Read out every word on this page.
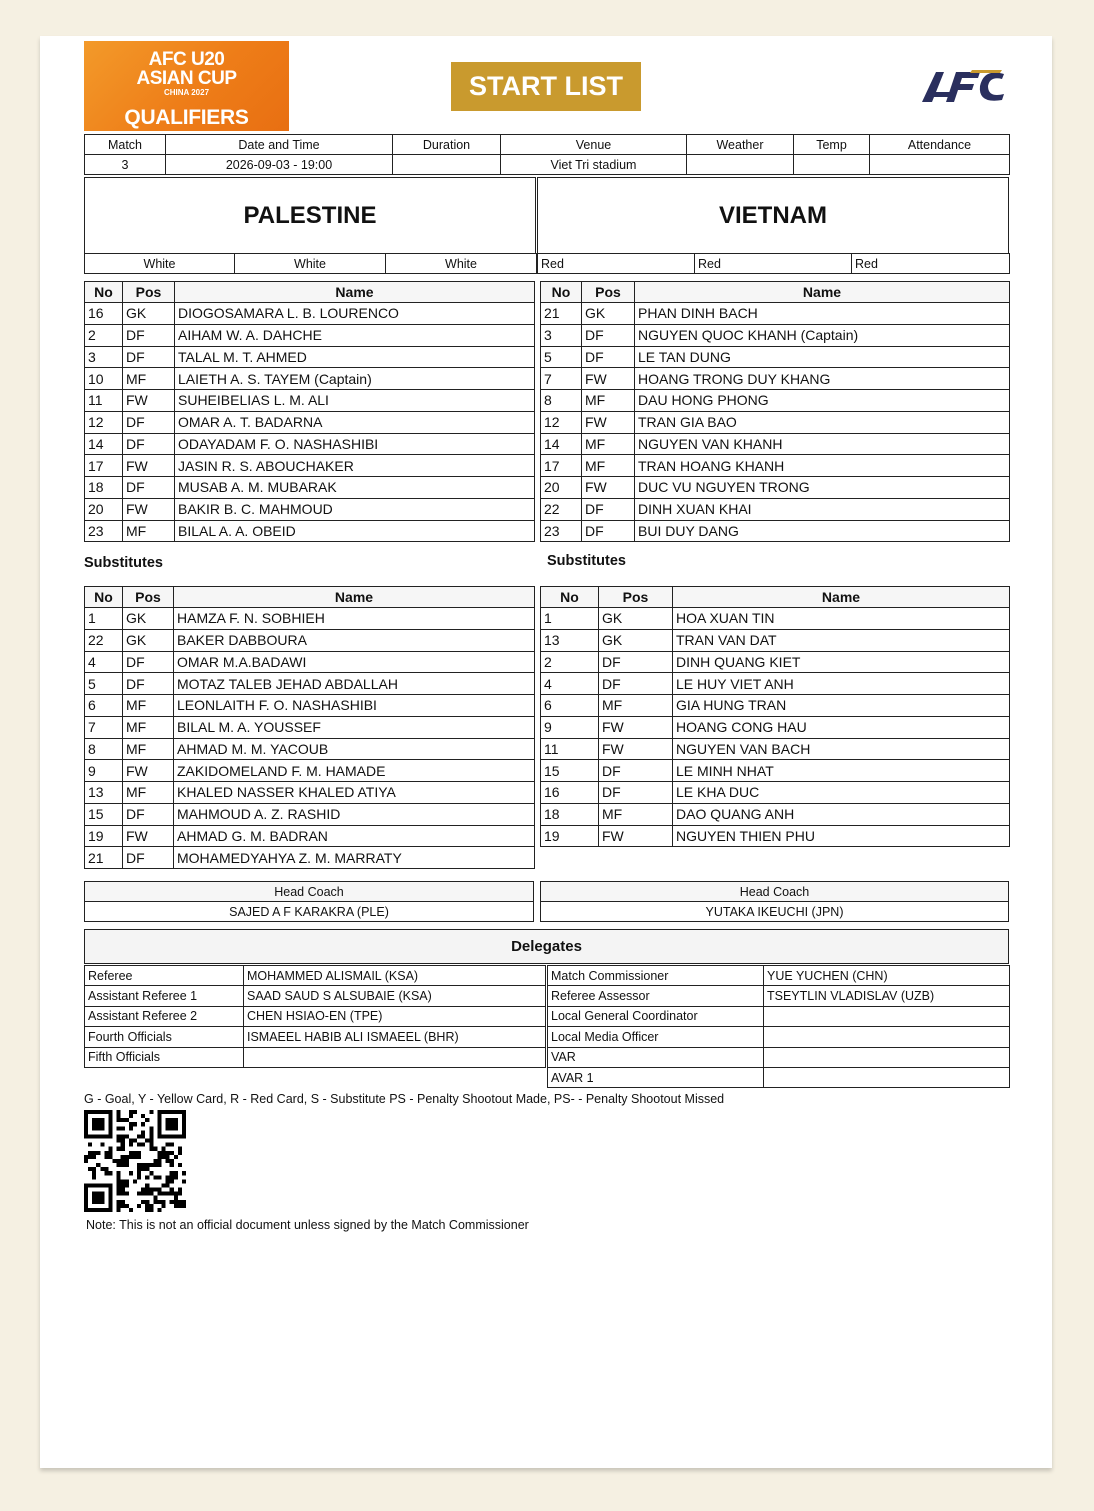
AFC U20
ASIAN CUP
CHINA 2027
QUALIFIERS
START LIST
Match	Date and Time	Duration	Venue	Weather	Temp	Attendance
3	2026-09-03 - 19:00		Viet Tri stadium			
PALESTINE	VIETNAM
White	White	White	Red	Red	Red
No	Pos	Name
16	GK	DIOGOSAMARA L. B. LOURENCO
2	DF	AIHAM W. A. DAHCHE
3	DF	TALAL M. T. AHMED
10	MF	LAIETH A. S. TAYEM (Captain)
11	FW	SUHEIBELIAS L. M. ALI
12	DF	OMAR A. T. BADARNA
14	DF	ODAYADAM F. O. NASHASHIBI
17	FW	JASIN R. S. ABOUCHAKER
18	DF	MUSAB A. M. MUBARAK
20	FW	BAKIR B. C. MAHMOUD
23	MF	BILAL A. A. OBEID
No	Pos	Name
21	GK	PHAN DINH BACH
3	DF	NGUYEN QUOC KHANH (Captain)
5	DF	LE TAN DUNG
7	FW	HOANG TRONG DUY KHANG
8	MF	DAU HONG PHONG
12	FW	TRAN GIA BAO
14	MF	NGUYEN VAN KHANH
17	MF	TRAN HOANG KHANH
20	FW	DUC VU NGUYEN TRONG
22	DF	DINH XUAN KHAI
23	DF	BUI DUY DANG
Substitutes	Substitutes
No	Pos	Name
1	GK	HAMZA F. N. SOBHIEH
22	GK	BAKER DABBOURA
4	DF	OMAR M.A.BADAWI
5	DF	MOTAZ TALEB JEHAD ABDALLAH
6	MF	LEONLAITH F. O. NASHASHIBI
7	MF	BILAL M. A. YOUSSEF
8	MF	AHMAD M. M. YACOUB
9	FW	ZAKIDOMELAND F. M. HAMADE
13	MF	KHALED NASSER KHALED ATIYA
15	DF	MAHMOUD A. Z. RASHID
19	FW	AHMAD G. M. BADRAN
21	DF	MOHAMEDYAHYA Z. M. MARRATY
No	Pos	Name
1	GK	HOA XUAN TIN
13	GK	TRAN VAN DAT
2	DF	DINH QUANG KIET
4	DF	LE HUY VIET ANH
6	MF	GIA HUNG TRAN
9	FW	HOANG CONG HAU
11	FW	NGUYEN VAN BACH
15	DF	LE MINH NHAT
16	DF	LE KHA DUC
18	MF	DAO QUANG ANH
19	FW	NGUYEN THIEN PHU
Head Coach
SAJED A F KARAKRA (PLE)
Head Coach
YUTAKA IKEUCHI (JPN)
Delegates
Referee	MOHAMMED ALISMAIL (KSA)
Assistant Referee 1	SAAD SAUD S ALSUBAIE (KSA)
Assistant Referee 2	CHEN HSIAO-EN (TPE)
Fourth Officials	ISMAEEL HABIB ALI ISMAEEL (BHR)
Fifth Officials	
Match Commissioner	YUE YUCHEN (CHN)
Referee Assessor	TSEYTLIN VLADISLAV (UZB)
Local General Coordinator	
Local Media Officer	
VAR	
AVAR 1	
G - Goal, Y - Yellow Card, R - Red Card, S - Substitute PS - Penalty Shootout Made, PS- - Penalty Shootout Missed
Note: This is not an official document unless signed by the Match Commissioner
